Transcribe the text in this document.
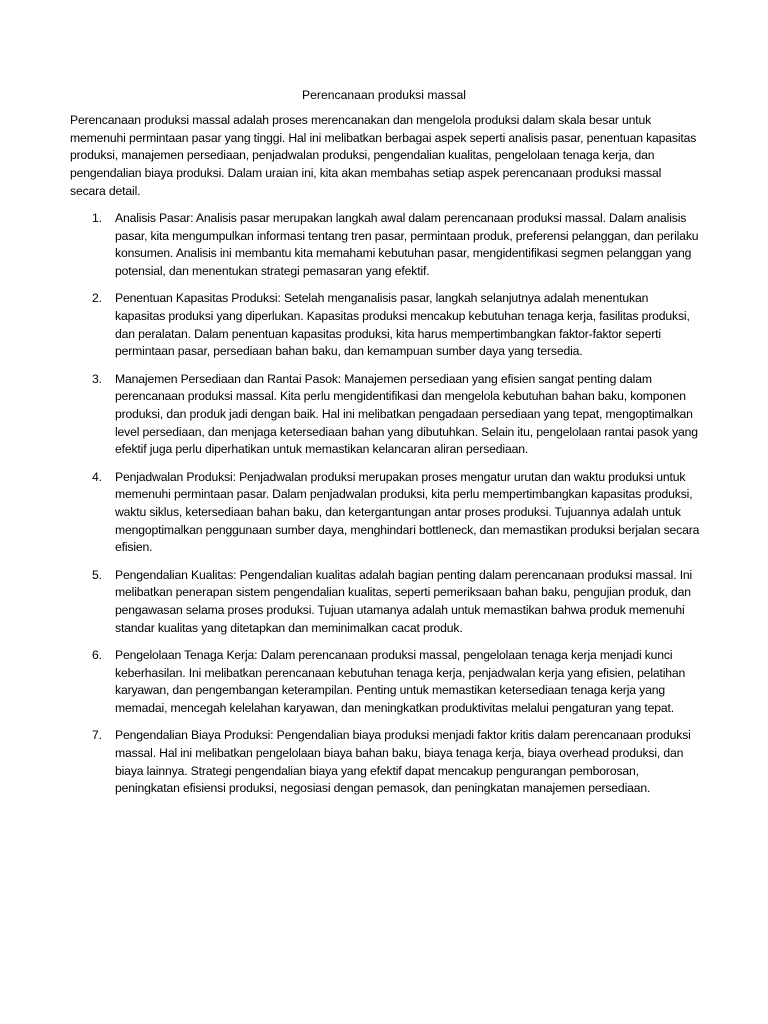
Perencanaan produksi massal
Perencanaan produksi massal adalah proses merencanakan dan mengelola produksi dalam skala besar untuk memenuhi permintaan pasar yang tinggi. Hal ini melibatkan berbagai aspek seperti analisis pasar, penentuan kapasitas produksi, manajemen persediaan, penjadwalan produksi, pengendalian kualitas, pengelolaan tenaga kerja, dan pengendalian biaya produksi. Dalam uraian ini, kita akan membahas setiap aspek perencanaan produksi massal secara detail.
1. Analisis Pasar: Analisis pasar merupakan langkah awal dalam perencanaan produksi massal. Dalam analisis pasar, kita mengumpulkan informasi tentang tren pasar, permintaan produk, preferensi pelanggan, dan perilaku konsumen. Analisis ini membantu kita memahami kebutuhan pasar, mengidentifikasi segmen pelanggan yang potensial, dan menentukan strategi pemasaran yang efektif.
2. Penentuan Kapasitas Produksi: Setelah menganalisis pasar, langkah selanjutnya adalah menentukan kapasitas produksi yang diperlukan. Kapasitas produksi mencakup kebutuhan tenaga kerja, fasilitas produksi, dan peralatan. Dalam penentuan kapasitas produksi, kita harus mempertimbangkan faktor-faktor seperti permintaan pasar, persediaan bahan baku, dan kemampuan sumber daya yang tersedia.
3. Manajemen Persediaan dan Rantai Pasok: Manajemen persediaan yang efisien sangat penting dalam perencanaan produksi massal. Kita perlu mengidentifikasi dan mengelola kebutuhan bahan baku, komponen produksi, dan produk jadi dengan baik. Hal ini melibatkan pengadaan persediaan yang tepat, mengoptimalkan level persediaan, dan menjaga ketersediaan bahan yang dibutuhkan. Selain itu, pengelolaan rantai pasok yang efektif juga perlu diperhatikan untuk memastikan kelancaran aliran persediaan.
4. Penjadwalan Produksi: Penjadwalan produksi merupakan proses mengatur urutan dan waktu produksi untuk memenuhi permintaan pasar. Dalam penjadwalan produksi, kita perlu mempertimbangkan kapasitas produksi, waktu siklus, ketersediaan bahan baku, dan ketergantungan antar proses produksi. Tujuannya adalah untuk mengoptimalkan penggunaan sumber daya, menghindari bottleneck, dan memastikan produksi berjalan secara efisien.
5. Pengendalian Kualitas: Pengendalian kualitas adalah bagian penting dalam perencanaan produksi massal. Ini melibatkan penerapan sistem pengendalian kualitas, seperti pemeriksaan bahan baku, pengujian produk, dan pengawasan selama proses produksi. Tujuan utamanya adalah untuk memastikan bahwa produk memenuhi standar kualitas yang ditetapkan dan meminimalkan cacat produk.
6. Pengelolaan Tenaga Kerja: Dalam perencanaan produksi massal, pengelolaan tenaga kerja menjadi kunci keberhasilan. Ini melibatkan perencanaan kebutuhan tenaga kerja, penjadwalan kerja yang efisien, pelatihan karyawan, dan pengembangan keterampilan. Penting untuk memastikan ketersediaan tenaga kerja yang memadai, mencegah kelelahan karyawan, dan meningkatkan produktivitas melalui pengaturan yang tepat.
7. Pengendalian Biaya Produksi: Pengendalian biaya produksi menjadi faktor kritis dalam perencanaan produksi massal. Hal ini melibatkan pengelolaan biaya bahan baku, biaya tenaga kerja, biaya overhead produksi, dan biaya lainnya. Strategi pengendalian biaya yang efektif dapat mencakup pengurangan pemborosan, peningkatan efisiensi produksi, negosiasi dengan pemasok, dan peningkatan manajemen persediaan.
